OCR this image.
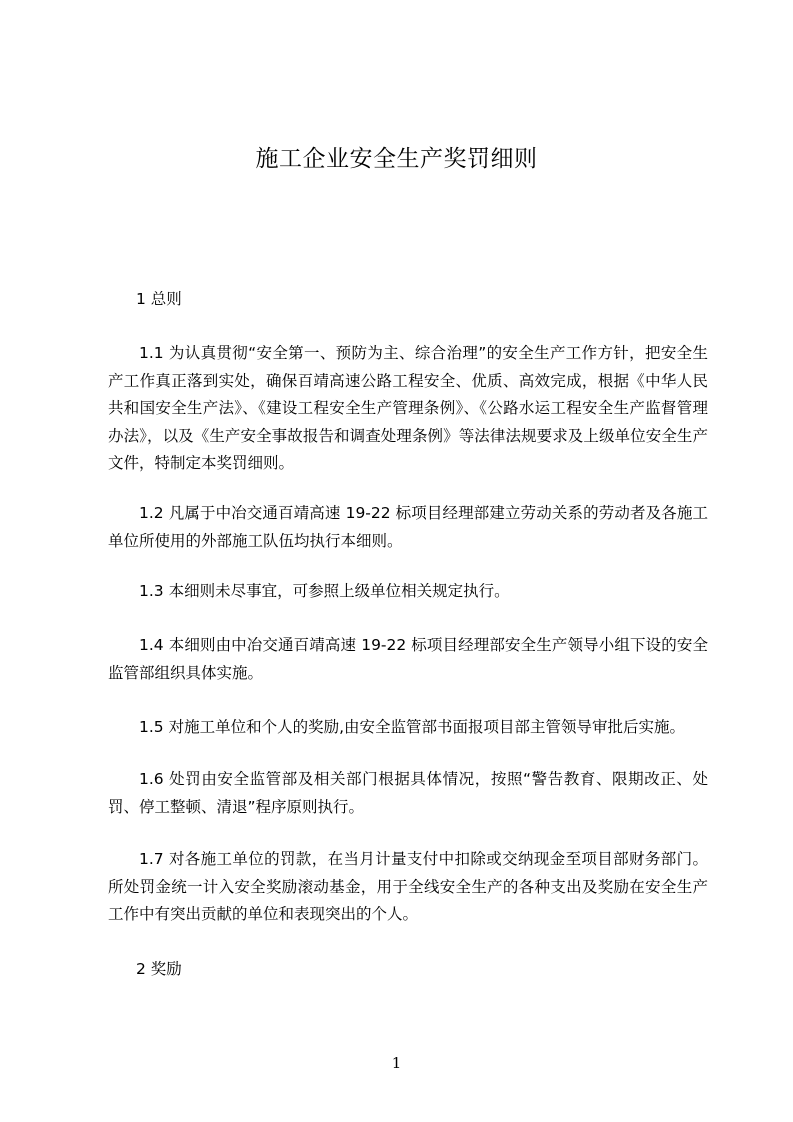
施工企业安全生产奖罚细则

1 总则

1.1 为认真贯彻“安全第一、预防为主、综合治理”的安全生产工作方针，把安全生产工作真正落到实处，确保百靖高速公路工程安全、优质、高效完成，根据《中华人民共和国安全生产法》、《建设工程安全生产管理条例》、《公路水运工程安全生产监督管理办法》，以及《生产安全事故报告和调查处理条例》等法律法规要求及上级单位安全生产文件，特制定本奖罚细则。

1.2 凡属于中冶交通百靖高速 19-22 标项目经理部建立劳动关系的劳动者及各施工单位所使用的外部施工队伍均执行本细则。

1.3 本细则未尽事宜，可参照上级单位相关规定执行。

1.4 本细则由中冶交通百靖高速 19-22 标项目经理部安全生产领导小组下设的安全监管部组织具体实施。

1.5 对施工单位和个人的奖励,由安全监管部书面报项目部主管领导审批后实施。

1.6 处罚由安全监管部及相关部门根据具体情况，按照“警告教育、限期改正、处罚、停工整顿、清退”程序原则执行。

1.7 对各施工单位的罚款，在当月计量支付中扣除或交纳现金至项目部财务部门。所处罚金统一计入安全奖励滚动基金，用于全线安全生产的各种支出及奖励在安全生产工作中有突出贡献的单位和表现突出的个人。

2 奖励

1
